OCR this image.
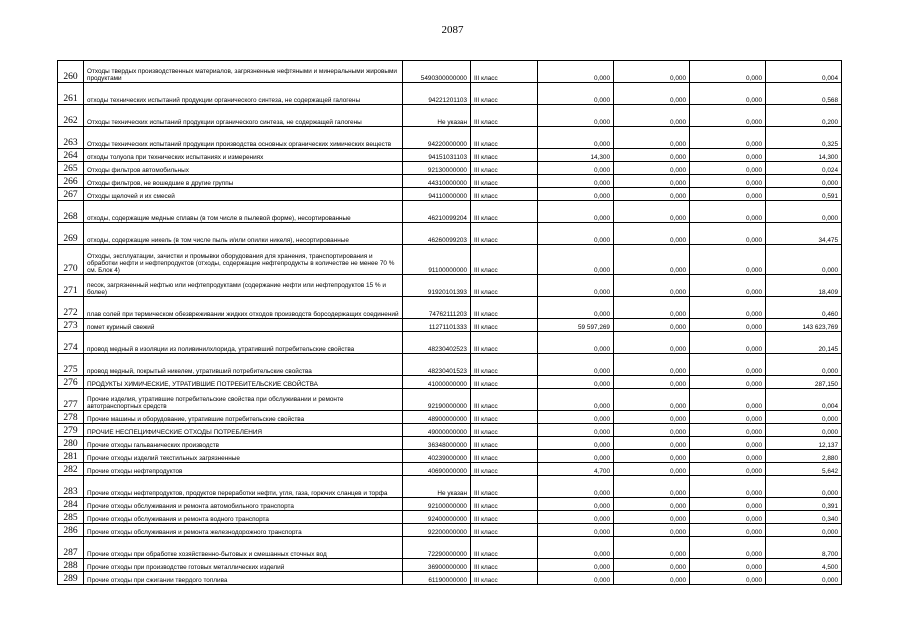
2087
260	Отходы твердых производственных материалов, загрязненные нефтяными и минеральными жировыми продуктами	5490300000000	III класс	0,000	0,000	0,000	0,004
261	отходы технических испытаний продукции органического синтеза, не содержащей галогены	94221201103	III класс	0,000	0,000	0,000	0,568
262	Отходы технических испытаний продукции органического синтеза, не содержащей галогены	Не указан	III класс	0,000	0,000	0,000	0,200
263	Отходы технических испытаний продукции производства основных органических химических веществ	94220000000	III класс	0,000	0,000	0,000	0,325
264	отходы толуола при технических испытаниях и измерениях	94151031103	III класс	14,300	0,000	0,000	14,300
265	Отходы фильтров автомобильных	92130000000	III класс	0,000	0,000	0,000	0,024
266	Отходы фильтров, не вошедшие в другие группы	44310000000	III класс	0,000	0,000	0,000	0,000
267	Отходы щелочей и их смесей	94110000000	III класс	0,000	0,000	0,000	0,591
268	отходы, содержащие медные сплавы (в том числе в пылевой форме), несортированные	46210099204	III класс	0,000	0,000	0,000	0,000
269	отходы, содержащие никель (в том числе пыль и/или опилки никеля), несортированные	46260099203	III класс	0,000	0,000	0,000	34,475
270	Отходы, эксплуатации, зачистки и промывки оборудования для хранения, транспортирования и обработки нефти и нефтепродуктов (отходы, содержащие нефтепродукты в количестве не менее 70 % см. Блок 4)	91100000000	III класс	0,000	0,000	0,000	0,000
271	песок, загрязненный нефтью или нефтепродуктами (содержание нефти или нефтепродуктов 15 % и более)	91920101393	III класс	0,000	0,000	0,000	18,409
272	плав солей при термическом обезвреживании жидких отходов производств борсодержащих соединений	74762111203	III класс	0,000	0,000	0,000	0,460
273	помет куриный свежий	11271101333	III класс	59 597,269	0,000	0,000	143 623,769
274	провод медный в изоляции из поливинилхлорида, утративший потребительские свойства	48230402523	III класс	0,000	0,000	0,000	20,145
275	провод медный, покрытый никелем, утративший потребительские свойства	48230401523	III класс	0,000	0,000	0,000	0,000
276	ПРОДУКТЫ ХИМИЧЕСКИЕ, УТРАТИВШИЕ ПОТРЕБИТЕЛЬСКИЕ СВОЙСТВА	41000000000	III класс	0,000	0,000	0,000	287,150
277	Прочие изделия, утратившие потребительские свойства при обслуживании и ремонте автотранспортных средств	92190000000	III класс	0,000	0,000	0,000	0,004
278	Прочие машины и оборудование, утратившие потребительские свойства	48900000000	III класс	0,000	0,000	0,000	0,000
279	ПРОЧИЕ НЕСПЕЦИФИЧЕСКИЕ ОТХОДЫ ПОТРЕБЛЕНИЯ	49000000000	III класс	0,000	0,000	0,000	0,000
280	Прочие отходы гальванических производств	36348000000	III класс	0,000	0,000	0,000	12,137
281	Прочие отходы изделий текстильных загрязненные	40239000000	III класс	0,000	0,000	0,000	2,880
282	Прочие отходы нефтепродуктов	40690000000	III класс	4,700	0,000	0,000	5,642
283	Прочие отходы нефтепродуктов, продуктов переработки нефти, угля, газа, горючих сланцев и торфа	Не указан	III класс	0,000	0,000	0,000	0,000
284	Прочие отходы обслуживания и ремонта автомобильного транспорта	92100000000	III класс	0,000	0,000	0,000	0,391
285	Прочие отходы обслуживания и ремонта водного транспорта	92400000000	III класс	0,000	0,000	0,000	0,340
286	Прочие отходы обслуживания и ремонта железнодорожного транспорта	92200000000	III класс	0,000	0,000	0,000	0,000
287	Прочие отходы при обработке хозяйственно-бытовых и смешанных сточных вод	72290000000	III класс	0,000	0,000	0,000	8,700
288	Прочие отходы при производстве готовых металлических изделий	36900000000	III класс	0,000	0,000	0,000	4,500
289	Прочие отходы при сжигании твердого топлива	61190000000	III класс	0,000	0,000	0,000	0,000
